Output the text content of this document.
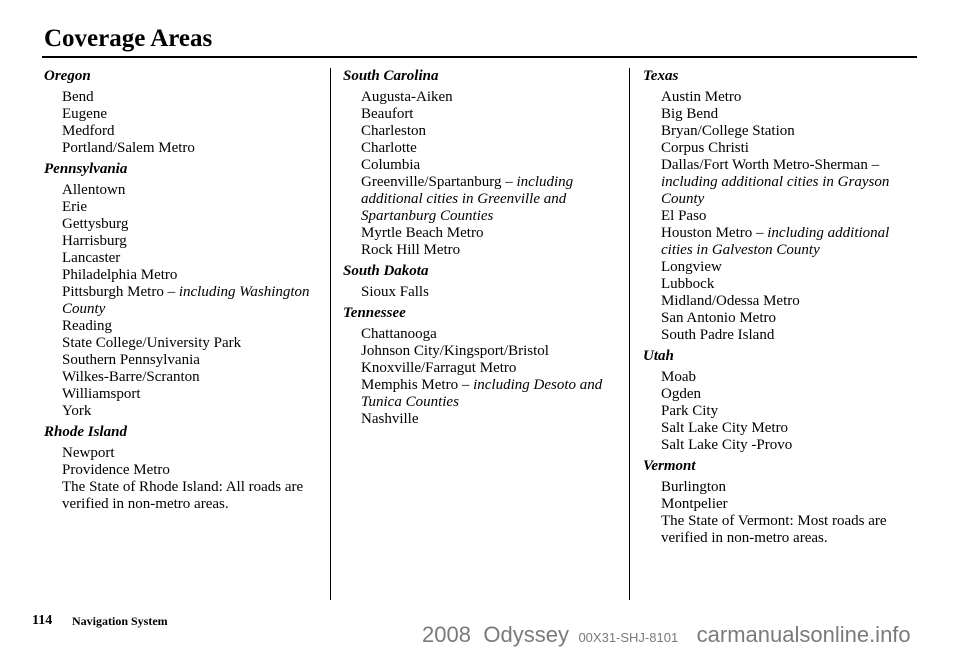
Coverage Areas
Oregon
Bend
Eugene
Medford
Portland/Salem Metro
Pennsylvania
Allentown
Erie
Gettysburg
Harrisburg
Lancaster
Philadelphia Metro
Pittsburgh Metro – including Washington County
Reading
State College/University Park
Southern Pennsylvania
Wilkes-Barre/Scranton
Williamsport
York
Rhode Island
Newport
Providence Metro
The State of Rhode Island: All roads are verified in non-metro areas.
South Carolina
Augusta-Aiken
Beaufort
Charleston
Charlotte
Columbia
Greenville/Spartanburg – including additional cities in Greenville and Spartanburg Counties
Myrtle Beach Metro
Rock Hill Metro
South Dakota
Sioux Falls
Tennessee
Chattanooga
Johnson City/Kingsport/Bristol
Knoxville/Farragut Metro
Memphis Metro – including Desoto and Tunica Counties
Nashville
Texas
Austin Metro
Big Bend
Bryan/College Station
Corpus Christi
Dallas/Fort Worth Metro-Sherman –
including additional cities in Grayson County
El Paso
Houston Metro – including additional cities in Galveston County
Longview
Lubbock
Midland/Odessa Metro
San Antonio Metro
South Padre Island
Utah
Moab
Ogden
Park City
Salt Lake City Metro
Salt Lake City -Provo
Vermont
Burlington
Montpelier
The State of Vermont: Most roads are verified in non-metro areas.
114 Navigation System
2008 Odyssey 00X31-SHJ-8101 carmanualsonline.info
